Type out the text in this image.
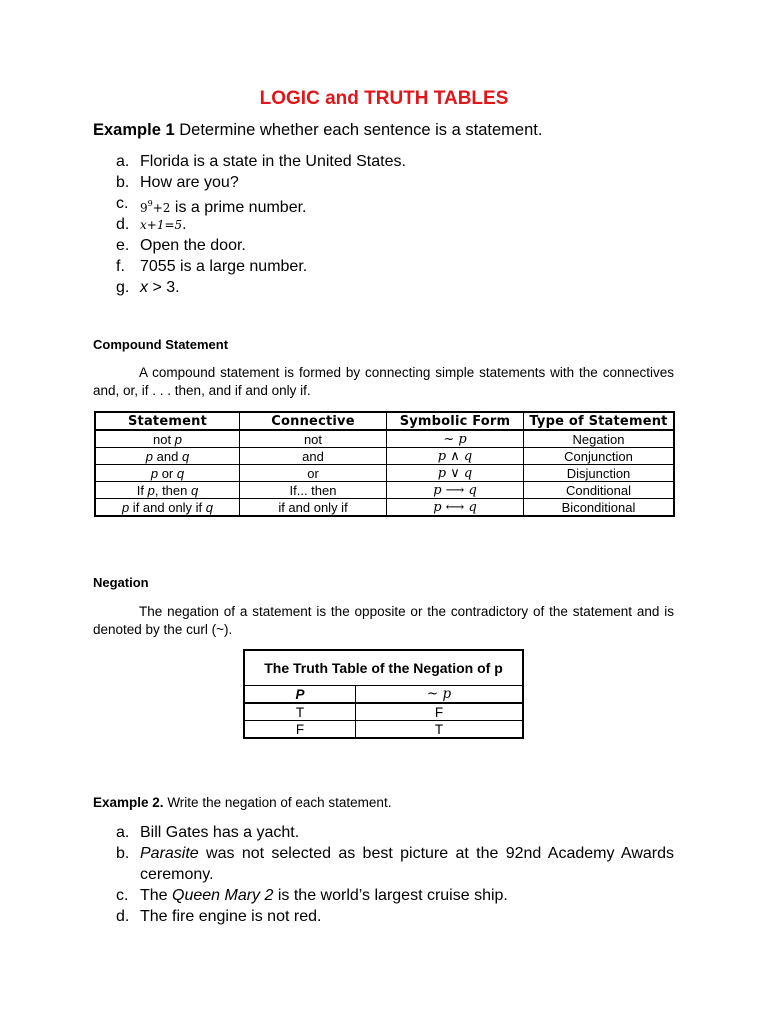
LOGIC and TRUTH TABLES
Example 1 Determine whether each sentence is a statement.
a. Florida is a state in the United States.
b. How are you?
c. $9^9+2$ is a prime number.
d. x+1=5.
e. Open the door.
f. 7055 is a large number.
g. x > 3.
Compound Statement

A compound statement is formed by connecting simple statements with the connectives and, or, if . . . then, and if and only if.

Statement	Connective	Symbolic Form	Type of Statement
not p	not	~ p	Negation
p and q	and	p ∧ q	Conjunction
p or q	or	p ∨ q	Disjunction
If p, then q	If... then	p ⟶ q	Conditional
p if and only if q	if and only if	p ⟷ q	Biconditional
Negation

The negation of a statement is the opposite or the contradictory of the statement and is denoted by the curl (~).

The Truth Table of the Negation of p	
P	~ p
T	F
F	T
Example 2. Write the negation of each statement.
a. Bill Gates has a yacht.
b. Parasite was not selected as best picture at the 92nd Academy Awards ceremony.
c. The Queen Mary 2 is the world’s largest cruise ship.
d. The fire engine is not red.
